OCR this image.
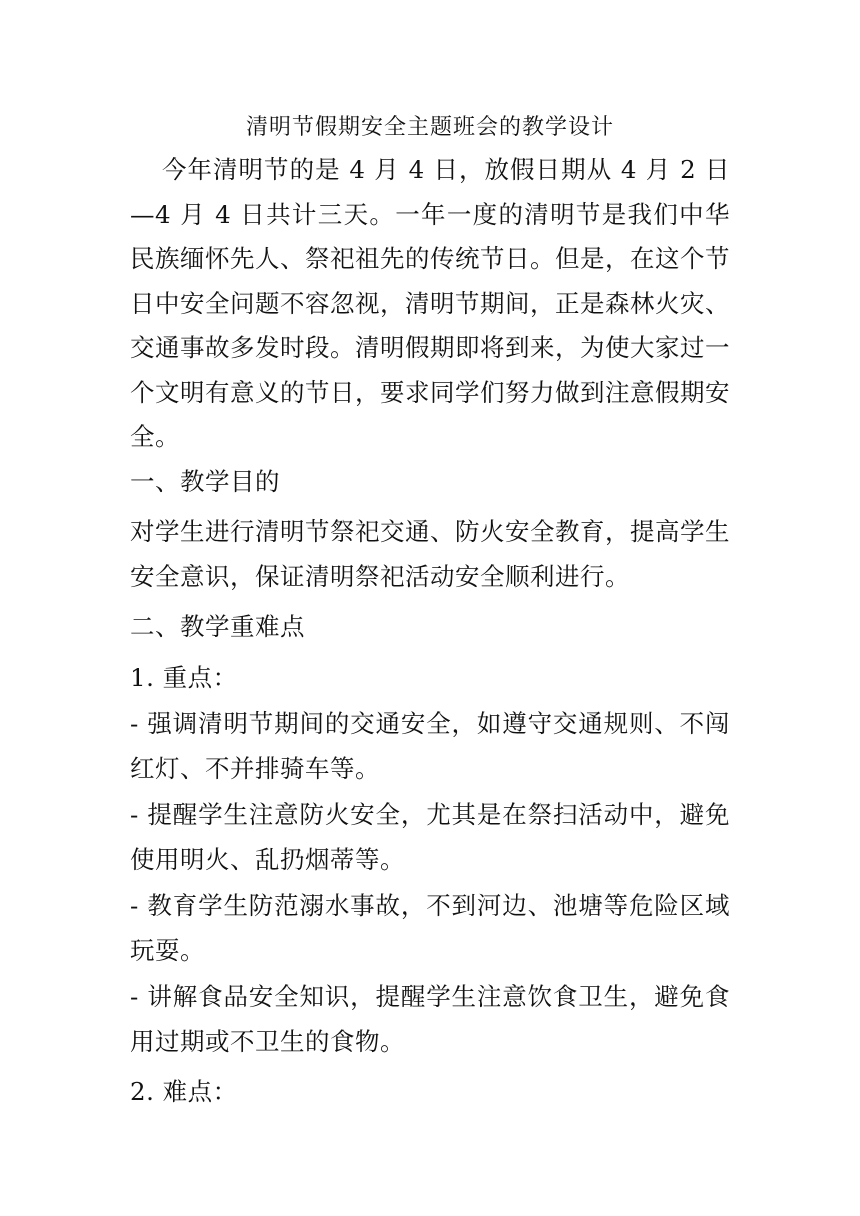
清明节假期安全主题班会的教学设计

今年清明节的是 4 月 4 日，放假日期从 4 月 2 日—4 月 4 日共计三天。一年一度的清明节是我们中华民族缅怀先人、祭祀祖先的传统节日。但是，在这个节日中安全问题不容忽视，清明节期间，正是森林火灾、交通事故多发时段。清明假期即将到来，为使大家过一个文明有意义的节日，要求同学们努力做到注意假期安全。

一、教学目的

对学生进行清明节祭祀交通、防火安全教育，提高学生安全意识，保证清明祭祀活动安全顺利进行。

二、教学重难点

1. 重点：

- 强调清明节期间的交通安全，如遵守交通规则、不闯红灯、不并排骑车等。

- 提醒学生注意防火安全，尤其是在祭扫活动中，避免使用明火、乱扔烟蒂等。

- 教育学生防范溺水事故，不到河边、池塘等危险区域玩耍。

- 讲解食品安全知识，提醒学生注意饮食卫生，避免食用过期或不卫生的食物。

2. 难点：
